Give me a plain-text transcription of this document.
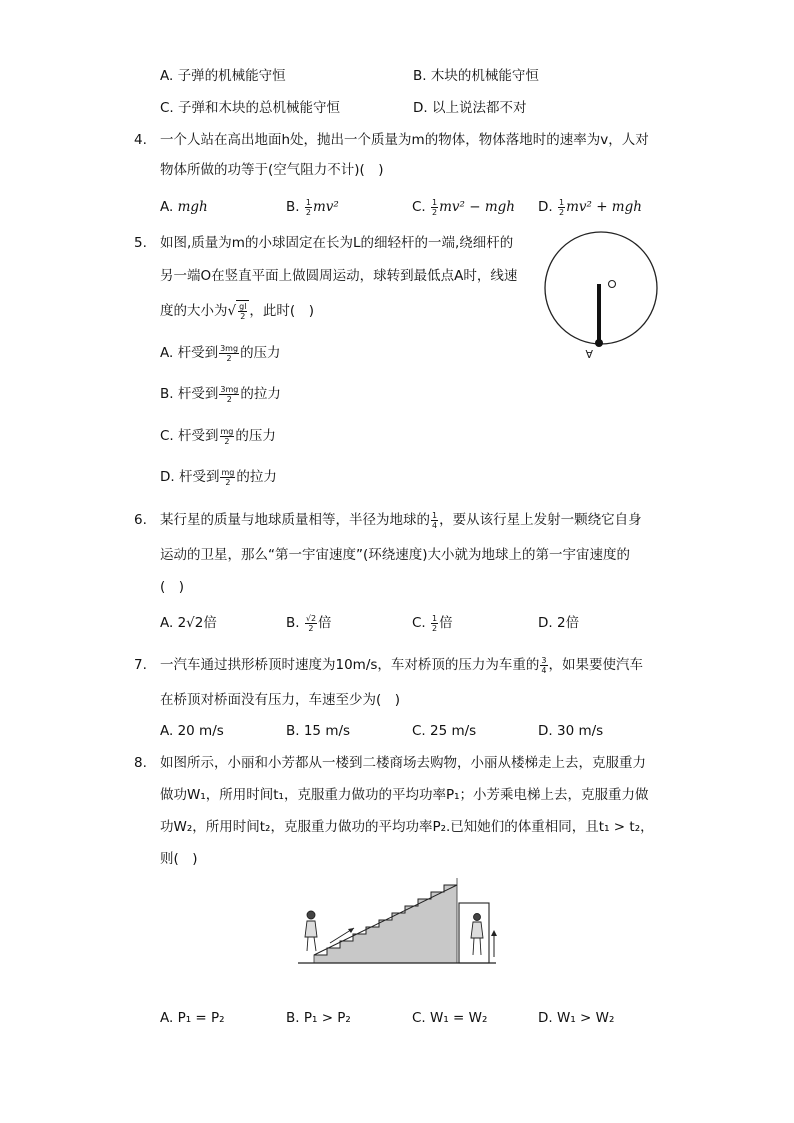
A. 子弹的机械能守恒	B. 木块的机械能守恒
C. 子弹和木块的总机械能守恒	D. 以上说法都不对
4. 一个人站在高出地面h处，抛出一个质量为m的物体，物体落地时的速率为v，人对
物体所做的功等于(空气阻力不计)(　)
A. mgh	B. $\frac{1}{2} mv^2$	C. $\frac{1}{2} mv^2$ − mgh D. $\frac{1}{2} mv^2$ + mgh
5. 如图,质量为m的小球固定在长为L的细轻杆的一端,绕细杆的
另一端O在竖直平面上做圆周运动，球转到最低点A时，线速
度的大小为√ $\frac{gl}{2}$ ，此时(　)
A. 杆受到 $\frac{3mg}{2}$ 的压力
B. 杆受到 $\frac{3mg}{2}$ 的拉力
C. 杆受到 $\frac{mg}{2}$ 的压力
D. 杆受到 $\frac{mg}{2}$ 的拉力
A
6. 某行星的质量与地球质量相等，半径为地球的 $\frac{1}{4}$ ，要从该行星上发射一颗绕它自身
运动的卫星，那么“第一宇宙速度”(环绕速度)大小就为地球上的第一宇宙速度的
(　)
A. 2√2倍	B. $\frac{√2}{2}$ 倍	C. $\frac{1}{2}$ 倍	D. 2倍
7. 一汽车通过拱形桥顶时速度为10m/s，车对桥顶的压力为车重的 $\frac{3}{4}$ ，如果要使汽车
在桥顶对桥面没有压力，车速至少为(　)
A. 20 m/s	B. 15 m/s	C. 25 m/s	D. 30 m/s
8. 如图所示，小丽和小芳都从一楼到二楼商场去购物，小丽从楼梯走上去，克服重力
做功W₁，所用时间t₁，克服重力做功的平均功率P₁；小芳乘电梯上去，克服重力做
功W₂，所用时间t₂，克服重力做功的平均功率P₂.已知她们的体重相同，且t₁ > t₂，
则(　)
A. P₁ = P₂	B. P₁ > P₂	C. W₁ = W₂	D. W₁ > W₂
